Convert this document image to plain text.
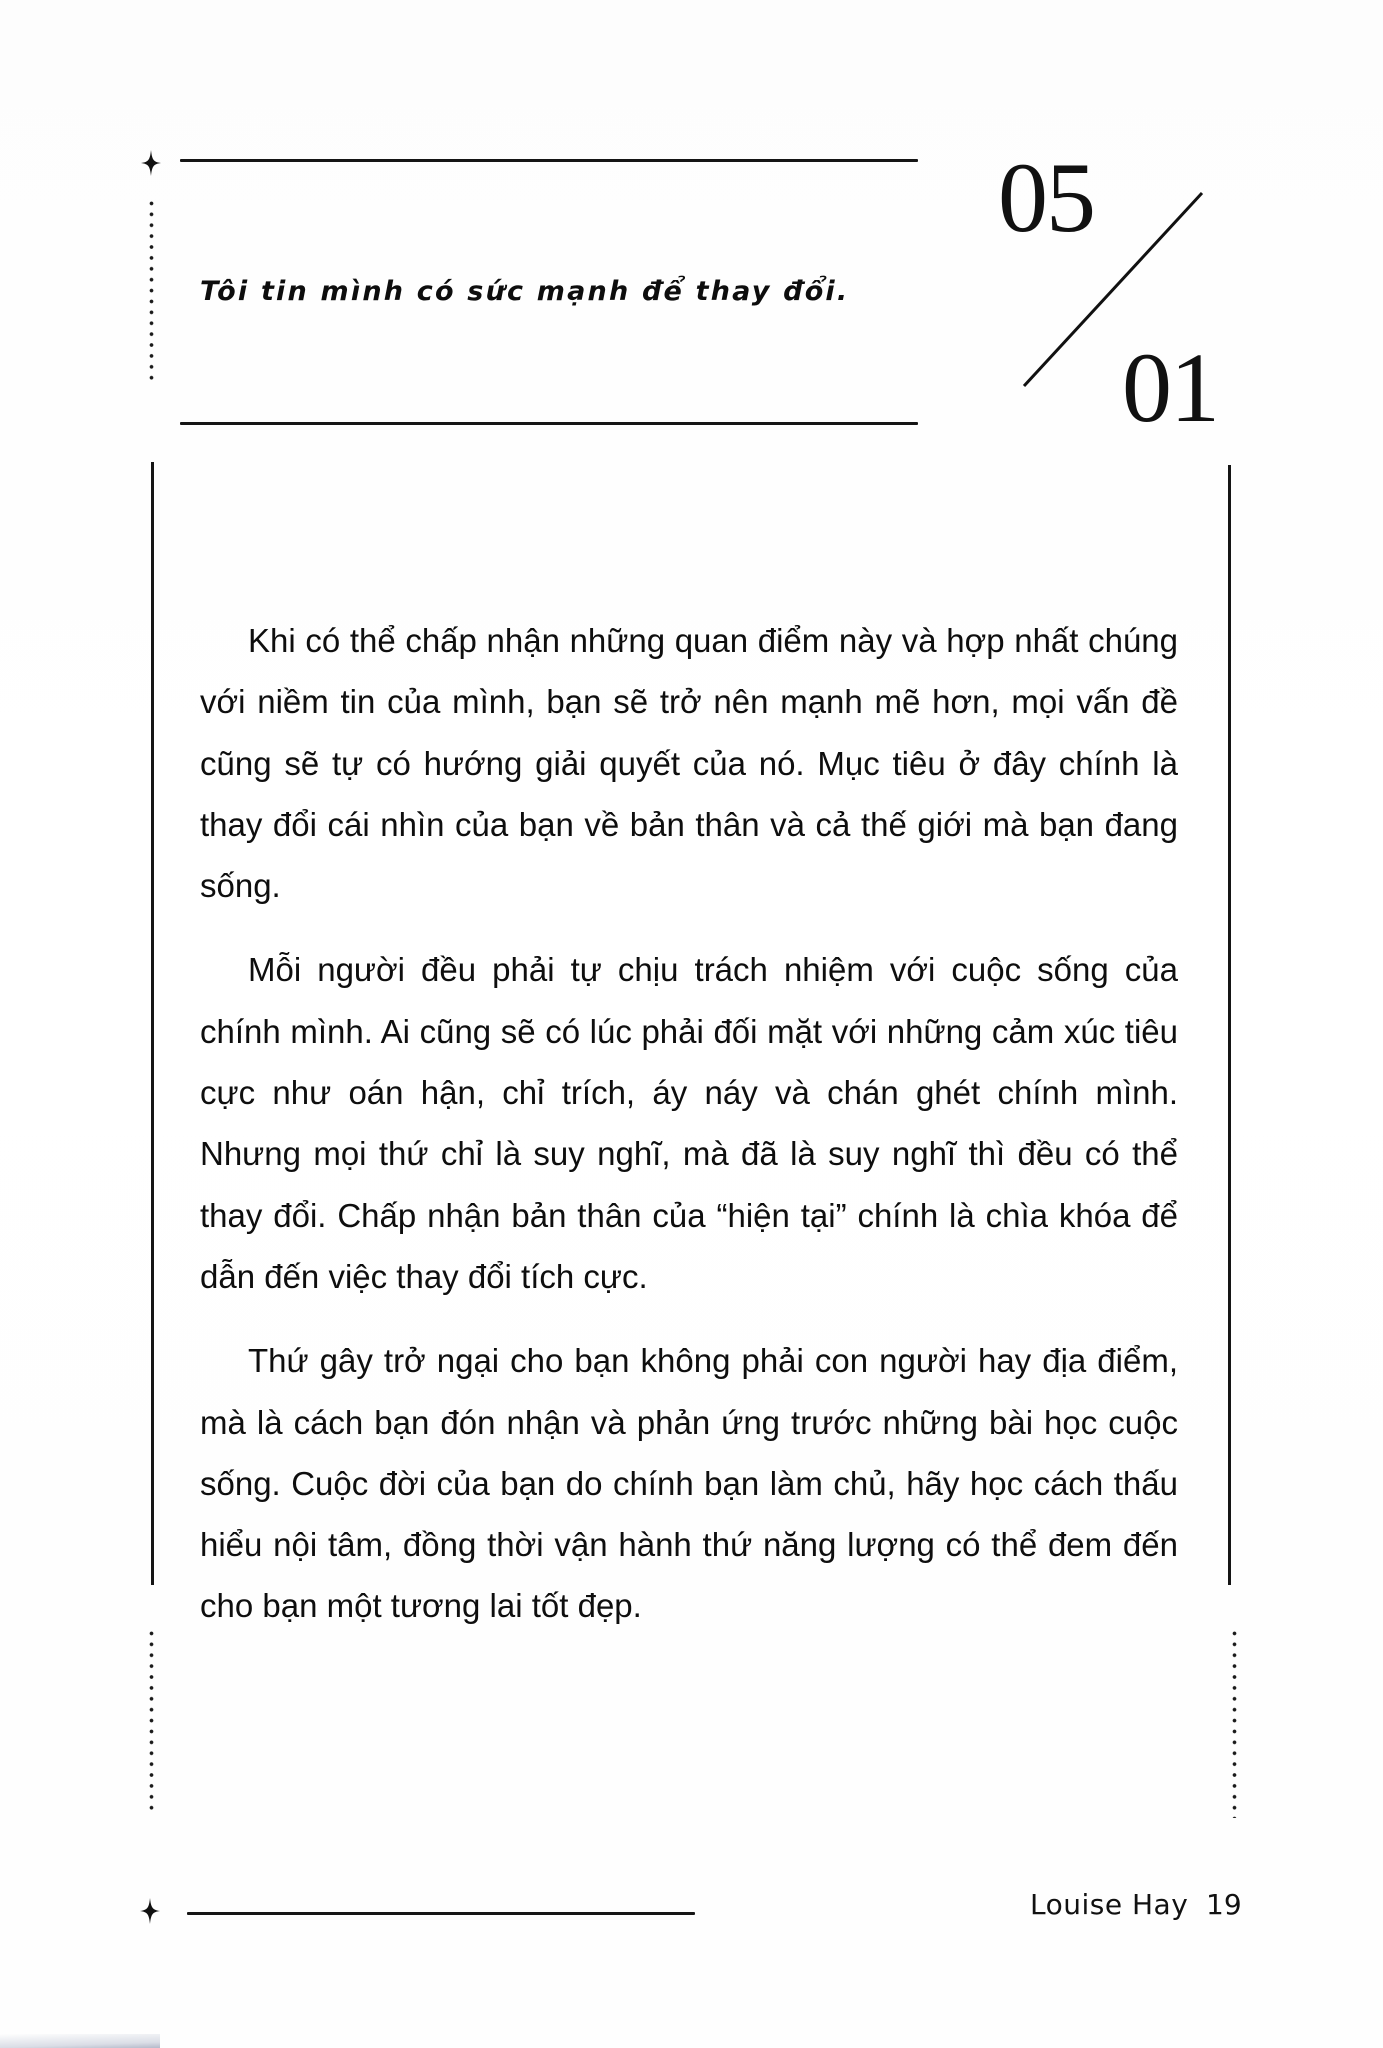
Tôi tin mình có sức mạnh để thay đổi.
05
01

Khi có thể chấp nhận những quan điểm này và hợp nhất chúng với niềm tin của mình, bạn sẽ trở nên mạnh mẽ hơn, mọi vấn đề cũng sẽ tự có hướng giải quyết của nó. Mục tiêu ở đây chính là thay đổi cái nhìn của bạn về bản thân và cả thế giới mà bạn đang sống.

Mỗi người đều phải tự chịu trách nhiệm với cuộc sống của chính mình. Ai cũng sẽ có lúc phải đối mặt với những cảm xúc tiêu cực như oán hận, chỉ trích, áy náy và chán ghét chính mình. Nhưng mọi thứ chỉ là suy nghĩ, mà đã là suy nghĩ thì đều có thể thay đổi. Chấp nhận bản thân của “hiện tại” chính là chìa khóa để dẫn đến việc thay đổi tích cực.

Thứ gây trở ngại cho bạn không phải con người hay địa điểm, mà là cách bạn đón nhận và phản ứng trước những bài học cuộc sống. Cuộc đời của bạn do chính bạn làm chủ, hãy học cách thấu hiểu nội tâm, đồng thời vận hành thứ năng lượng có thể đem đến cho bạn một tương lai tốt đẹp.

Louise Hay 19
